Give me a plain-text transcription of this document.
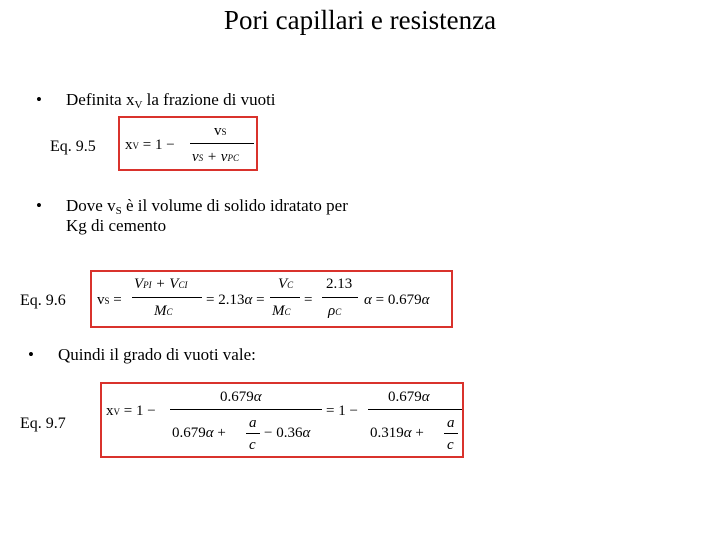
Pori capillari e resistenza
• Definita $x_V$ la frazione di vuoti
Eq. 9.5 xV = 1 −
vS
vS + vPC
• Dove $v_S$ è il volume di solido idratato per
Kg di cemento
Eq. 9.6 vS =
VPI + VCI
MC
= 2.13α =
VC
MC
=
2.13
ρC
α = 0.679α
• Quindi il grado di vuoti vale:
Eq. 9.7
xV = 1 −
0.679α
0.679α +
a
c
− 0.36α
= 1 −
0.679α
0.319α +
a
c
